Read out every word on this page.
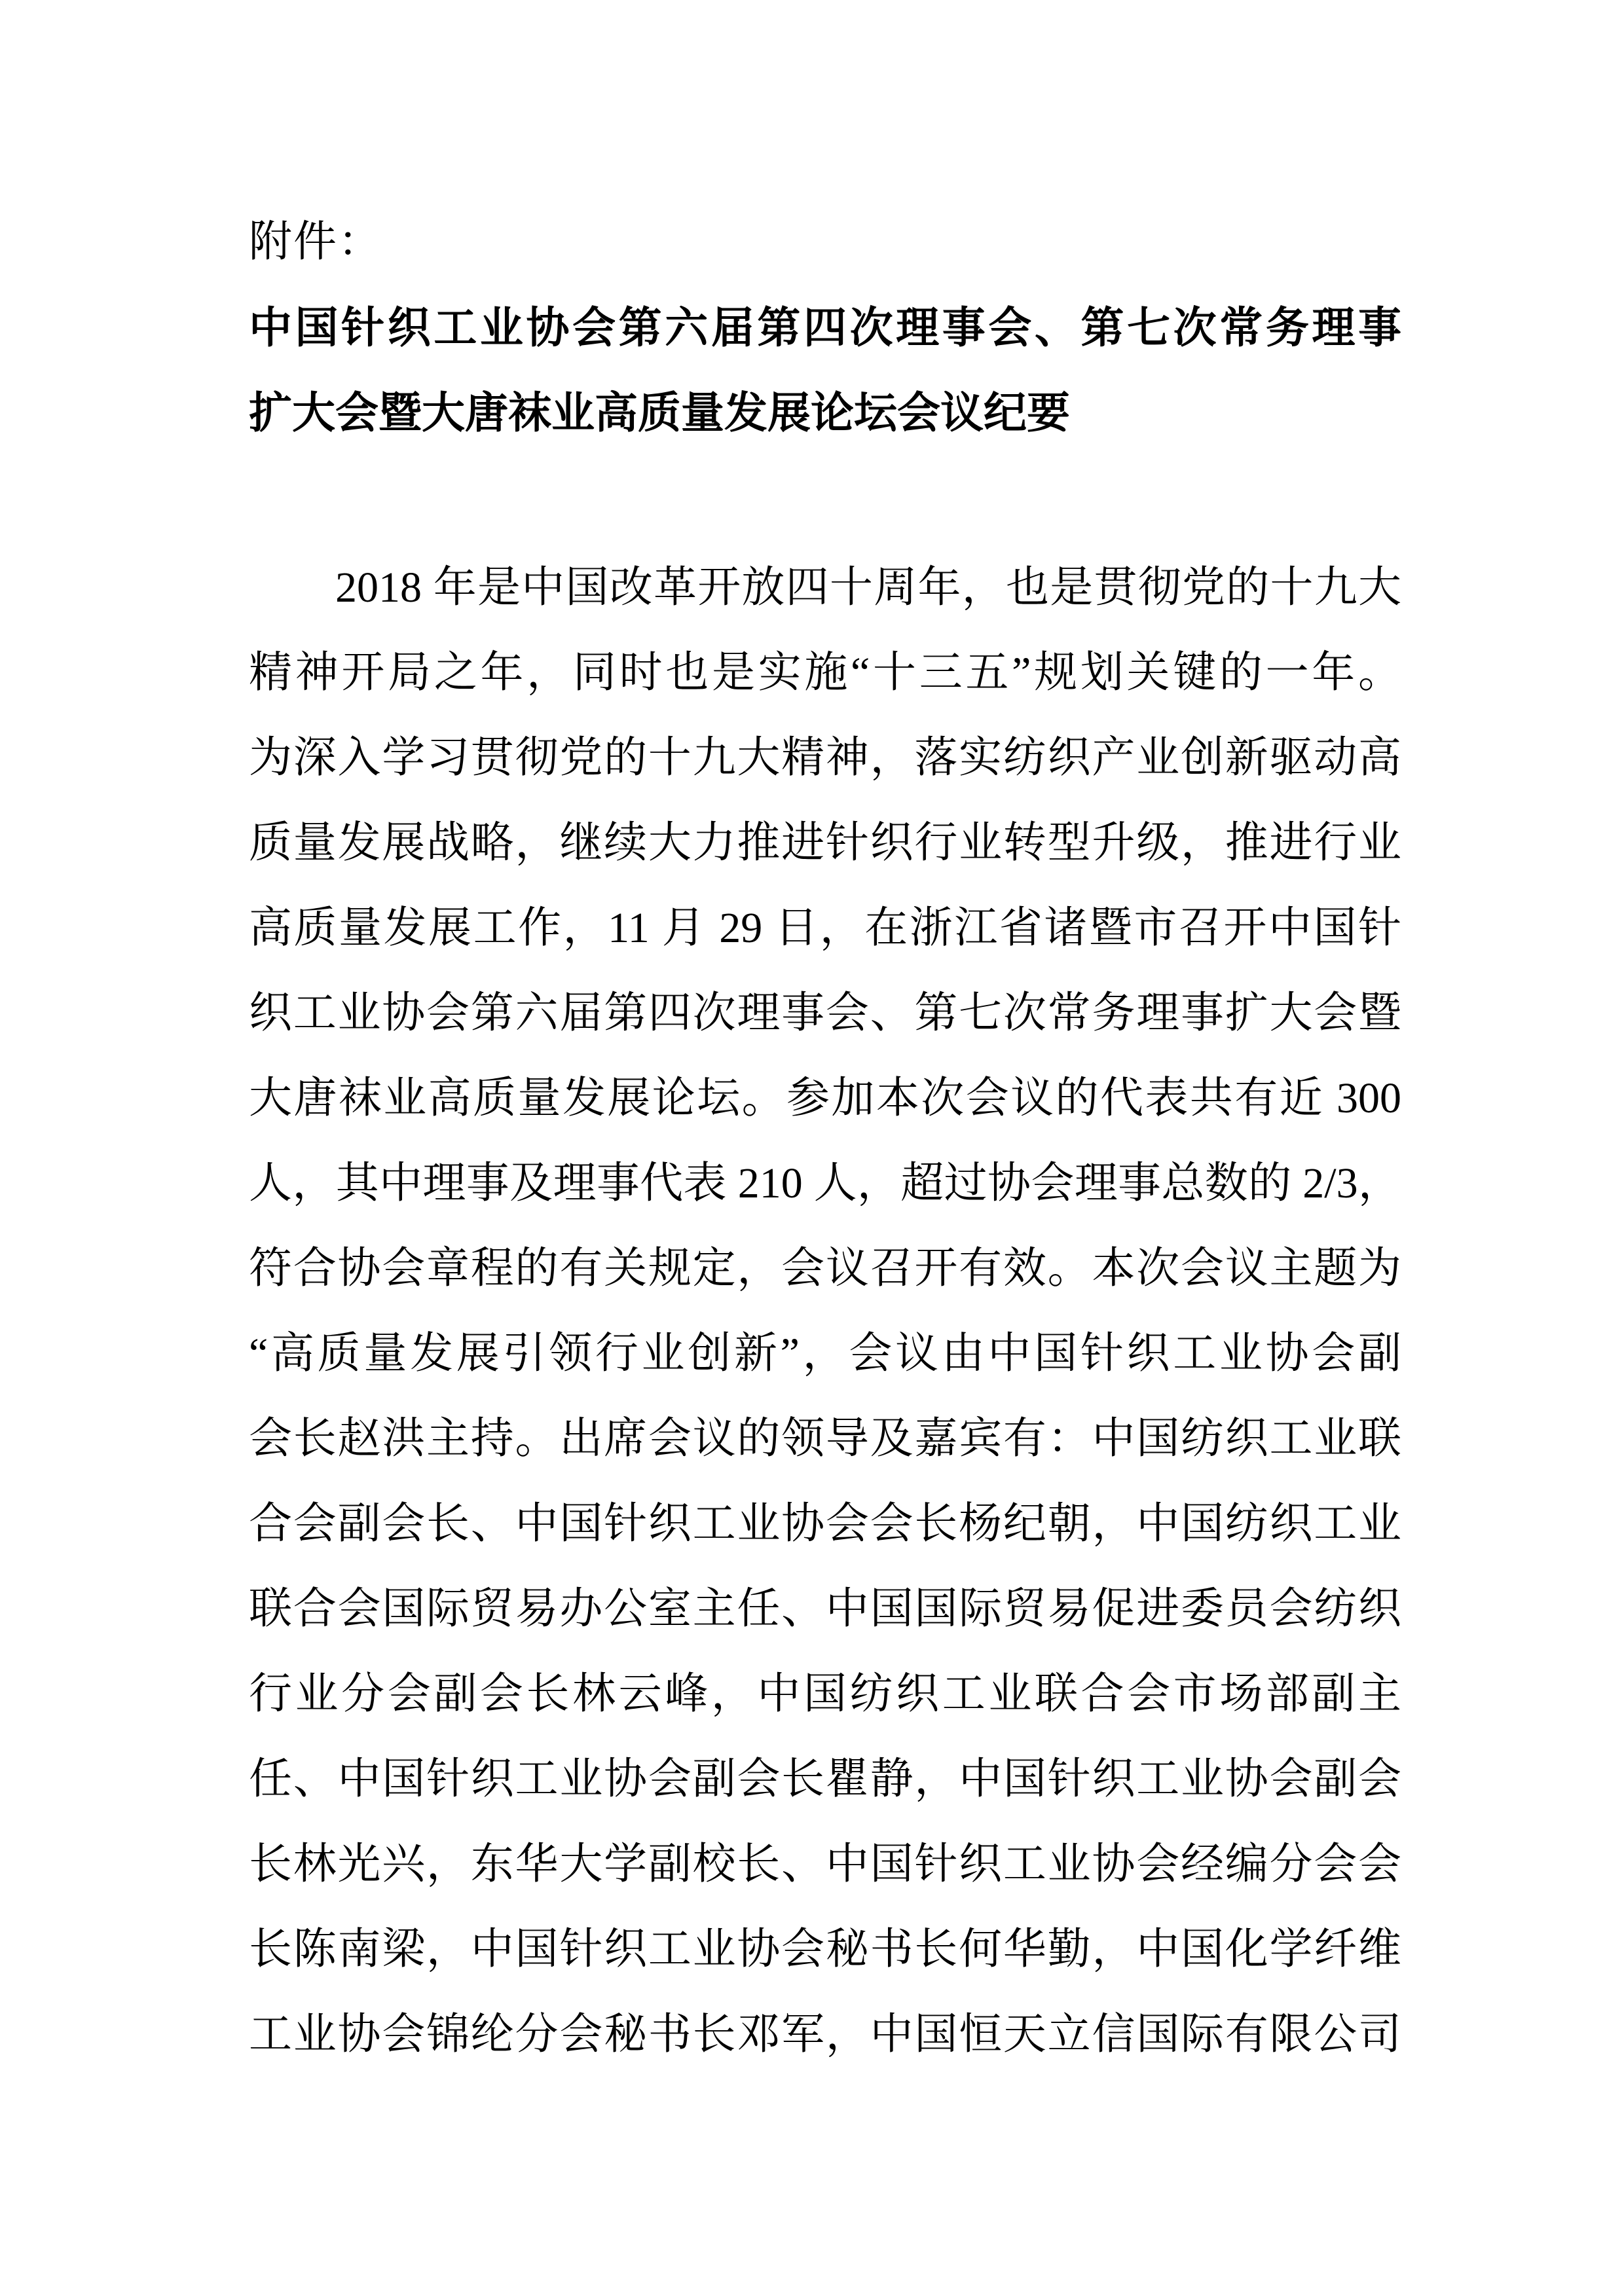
附件：
中国针织工业协会第六届第四次理事会、第七次常务理事
扩大会暨大唐袜业高质量发展论坛会议纪要
2018 年是中国改革开放四十周年，也是贯彻党的十九大
精神开局之年，同时也是实施“十三五”规划关键的一年。
为深入学习贯彻党的十九大精神，落实纺织产业创新驱动高
质量发展战略，继续大力推进针织行业转型升级，推进行业
高质量发展工作，11 月 29 日，在浙江省诸暨市召开中国针
织工业协会第六届第四次理事会、第七次常务理事扩大会暨
大唐袜业高质量发展论坛。参加本次会议的代表共有近 300
人，其中理事及理事代表 210 人，超过协会理事总数的 2/3，
符合协会章程的有关规定，会议召开有效。本次会议主题为
“高质量发展引领行业创新”，会议由中国针织工业协会副
会长赵洪主持。出席会议的领导及嘉宾有：中国纺织工业联
合会副会长、中国针织工业协会会长杨纪朝，中国纺织工业
联合会国际贸易办公室主任、中国国际贸易促进委员会纺织
行业分会副会长林云峰，中国纺织工业联合会市场部副主
任、中国针织工业协会副会长瞿静，中国针织工业协会副会
长林光兴，东华大学副校长、中国针织工业协会经编分会会
长陈南梁，中国针织工业协会秘书长何华勤，中国化学纤维
工业协会锦纶分会秘书长邓军，中国恒天立信国际有限公司
